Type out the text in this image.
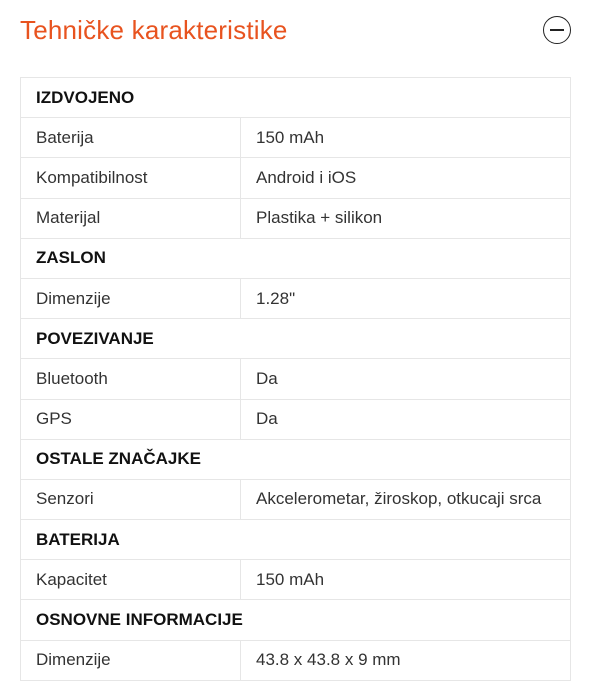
Tehničke karakteristike
IZDVOJENO
Baterija	150 mAh
Kompatibilnost	Android i iOS
Materijal	Plastika + silikon
ZASLON
Dimenzije	1.28"
POVEZIVANJE
Bluetooth	Da
GPS	Da
OSTALE ZNAČAJKE
Senzori	Akcelerometar, žiroskop, otkucaji srca
BATERIJA
Kapacitet	150 mAh
OSNOVNE INFORMACIJE
Dimenzije	43.8 x 43.8 x 9 mm
